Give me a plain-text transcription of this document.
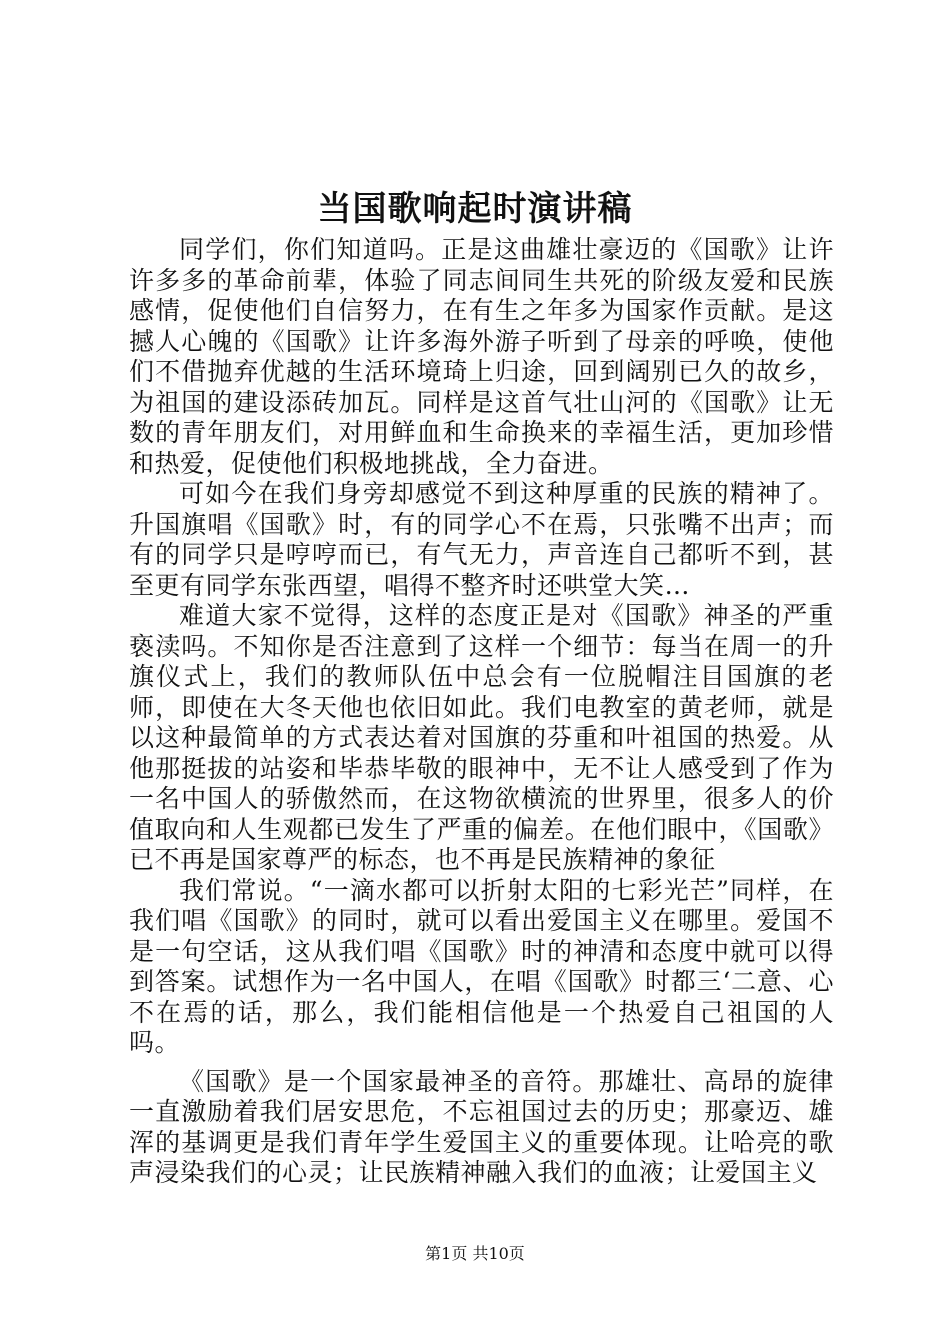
当国歌响起时演讲稿

同学们，你们知道吗。正是这曲雄壮豪迈的《国歌》让许许多多的革命前辈，体验了同志间同生共死的阶级友爱和民族感情，促使他们自信努力，在有生之年多为国家作贡献。是这撼人心魄的《国歌》让许多海外游子听到了母亲的呼唤，使他们不借抛弃优越的生活环境琦上归途，回到阔别已久的故乡，为祖国的建设添砖加瓦。同样是这首气壮山河的《国歌》让无数的青年朋友们，对用鲜血和生命换来的幸福生活，更加珍惜和热爱，促使他们积极地挑战，全力奋进。

可如今在我们身旁却感觉不到这种厚重的民族的精神了。升国旗唱《国歌》时，有的同学心不在焉，只张嘴不出声；而有的同学只是哼哼而已，有气无力，声音连自己都听不到，甚至更有同学东张西望，唱得不整齐时还哄堂大笑…

难道大家不觉得，这样的态度正是对《国歌》神圣的严重亵渎吗。不知你是否注意到了这样一个细节：每当在周一的升旗仪式上，我们的教师队伍中总会有一位脱帽注目国旗的老师，即使在大冬天他也依旧如此。我们电教室的黄老师，就是以这种最简单的方式表达着对国旗的芬重和叶祖国的热爱。从他那挺拔的站姿和毕恭毕敬的眼神中，无不让人感受到了作为一名中国人的骄傲然而，在这物欲横流的世界里，很多人的价值取向和人生观都已发生了严重的偏差。在他们眼中，《国歌》已不再是国家尊严的标态，也不再是民族精神的象征

我们常说。“一滴水都可以折射太阳的七彩光芒”同样，在我们唱《国歌》的同时，就可以看出爱国主义在哪里。爱国不是一句空话，这从我们唱《国歌》时的神清和态度中就可以得到答案。试想作为一名中国人，在唱《国歌》时都三‘二意、心不在焉的话，那么，我们能相信他是一个热爱自己祖国的人吗。

《国歌》是一个国家最神圣的音符。那雄壮、高昂的旋律一直激励着我们居安思危，不忘祖国过去的历史；那豪迈、雄浑的基调更是我们青年学生爱国主义的重要体现。让哈亮的歌声浸染我们的心灵；让民族精神融入我们的血液；让爱国主义

第1页 共10页
